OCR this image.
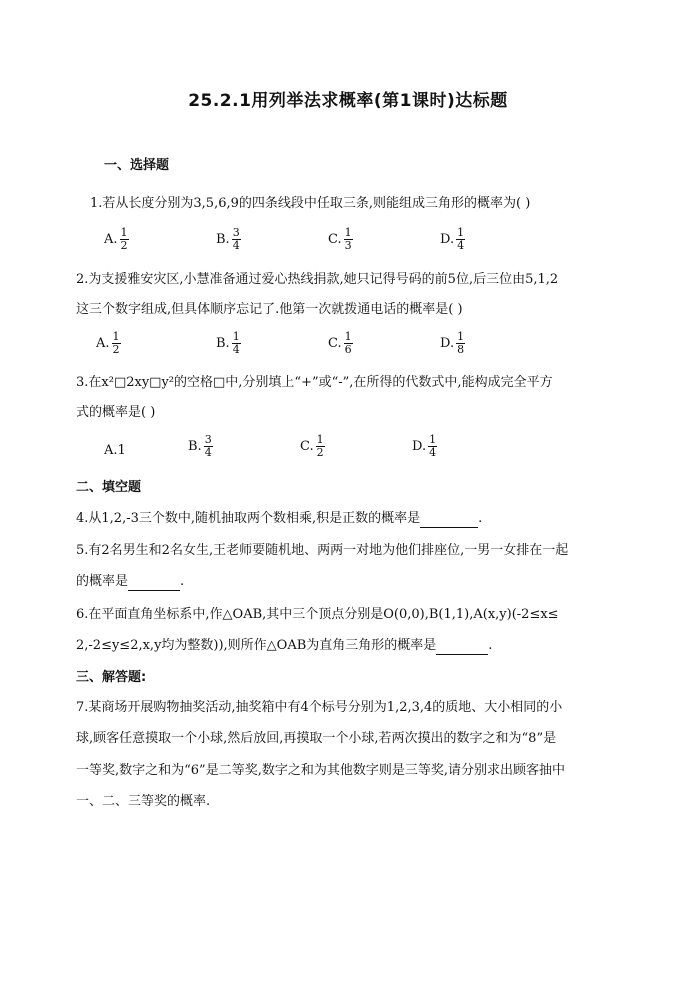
25.2.1用列举法求概率(第1课时)达标题
一、选择题
1.若从长度分别为3,5,6,9的四条线段中任取三条,则能组成三角形的概率为( )
A. $\frac{1}{2}$	B. $\frac{3}{4}$	C. $\frac{1}{3}$	D. $\frac{1}{4}$
2.为支援雅安灾区,小慧准备通过爱心热线捐款,她只记得号码的前5位,后三位由5,1,2
这三个数字组成,但具体顺序忘记了.他第一次就拨通电话的概率是( )
A. $\frac{1}{2}$	B. $\frac{1}{4}$	C. $\frac{1}{6}$	D. $\frac{1}{8}$
3.在x²□2xy□y²的空格□中,分别填上“+”或“-”,在所得的代数式中,能构成完全平方
式的概率是( )
A.1	B. $\frac{3}{4}$	C. $\frac{1}{2}$	D. $\frac{1}{4}$
二、填空题
4.从1,2,-3三个数中,随机抽取两个数相乘,积是正数的概率是	.
5.有2名男生和2名女生,王老师要随机地、两两一对地为他们排座位,一男一女排在一起
的概率是	.
6.在平面直角坐标系中,作△OAB,其中三个顶点分别是O(0,0),B(1,1),A(x,y)(-2≤x≤
2,-2≤y≤2,x,y均为整数)),则所作△OAB为直角三角形的概率是	.
三、解答题:
7.某商场开展购物抽奖活动,抽奖箱中有4个标号分别为1,2,3,4的质地、大小相同的小
球,顾客任意摸取一个小球,然后放回,再摸取一个小球,若两次摸出的数字之和为“8”是
一等奖,数字之和为“6”是二等奖,数字之和为其他数字则是三等奖,请分别求出顾客抽中
一、二、三等奖的概率.
